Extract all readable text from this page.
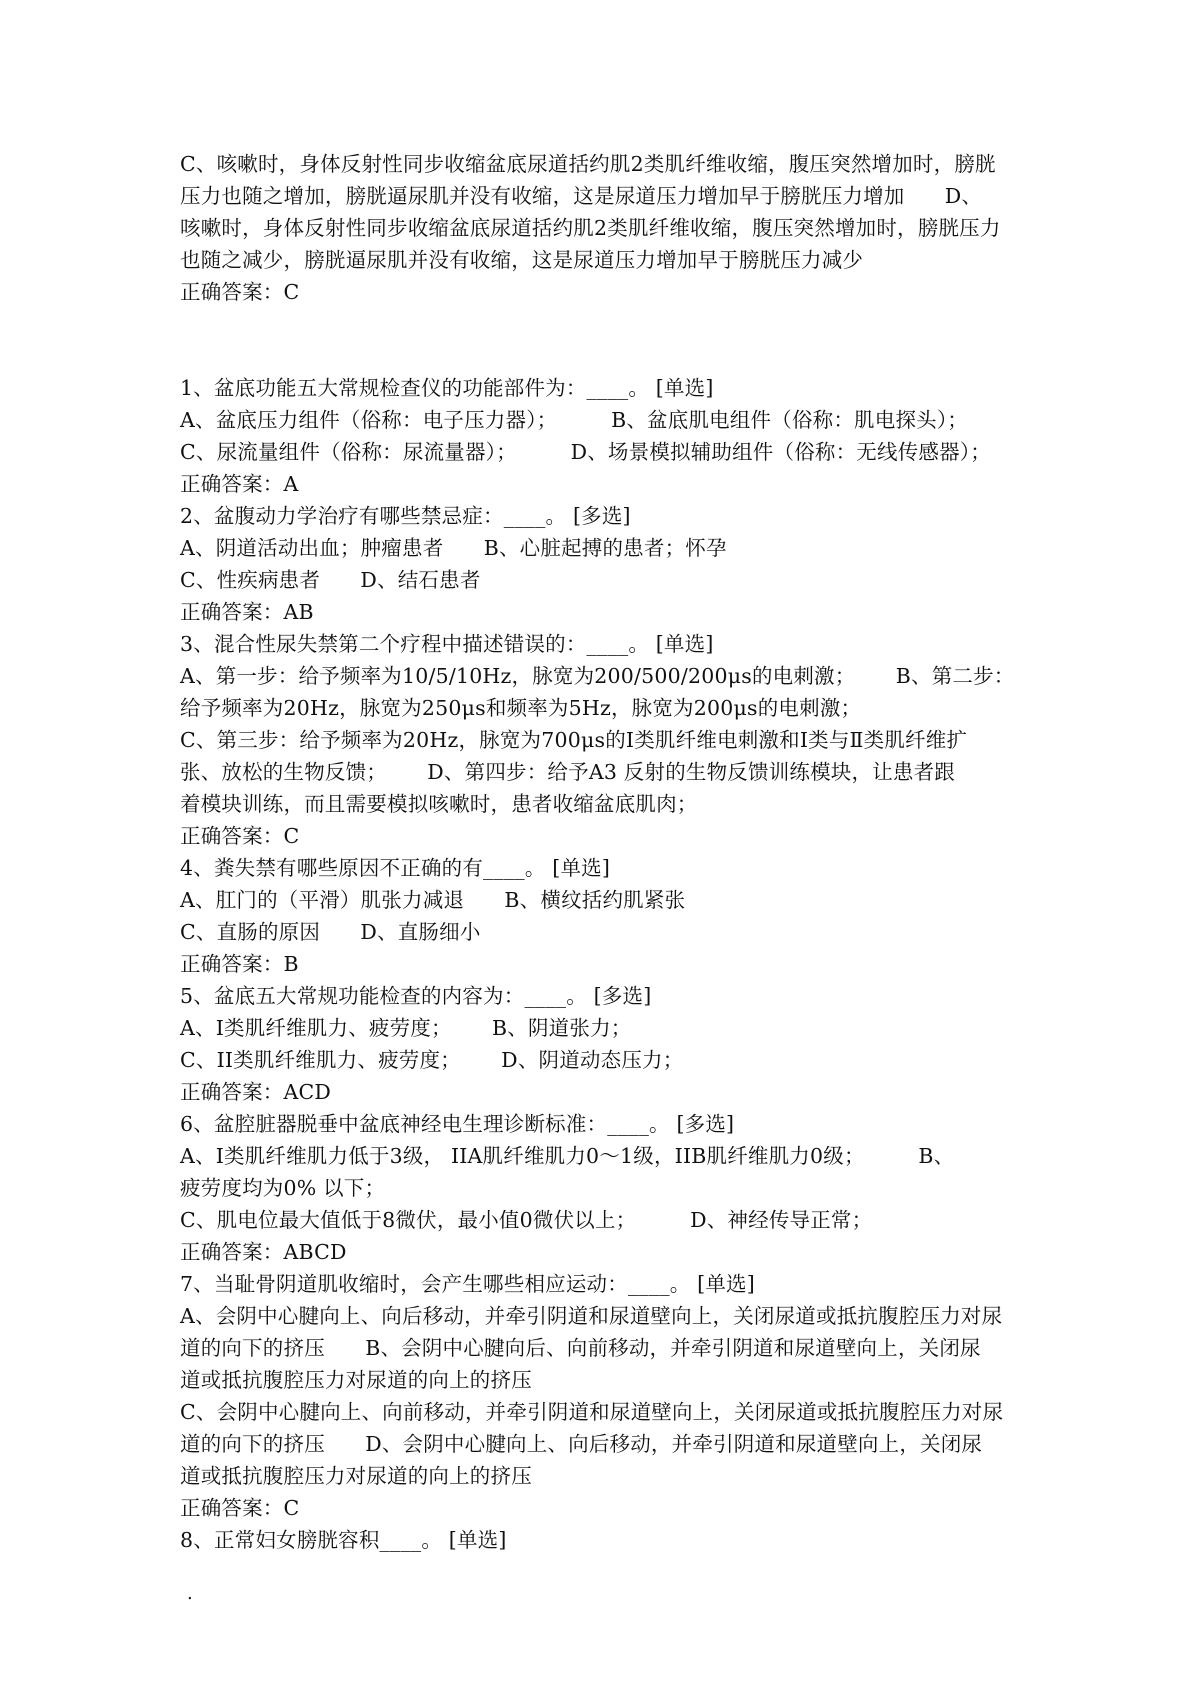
C、咳嗽时，身体反射性同步收缩盆底尿道括约肌2类肌纤维收缩，腹压突然增加时，膀胱
压力也随之增加，膀胱逼尿肌并没有收缩，这是尿道压力增加早于膀胱压力增加      D、
咳嗽时，身体反射性同步收缩盆底尿道括约肌2类肌纤维收缩，腹压突然增加时，膀胱压力
也随之减少，膀胱逼尿肌并没有收缩，这是尿道压力增加早于膀胱压力减少
正确答案：C
1、盆底功能五大常规检查仪的功能部件为：____。 [单选]
A、盆底压力组件（俗称：电子压力器）；        B、盆底肌电组件（俗称：肌电探头）；
C、尿流量组件（俗称：尿流量器）；        D、场景模拟辅助组件（俗称：无线传感器）；
正确答案：A
2、盆腹动力学治疗有哪些禁忌症：____。 [多选]
A、阴道活动出血；肿瘤患者      B、心脏起搏的患者；怀孕
C、性疾病患者      D、结石患者
正确答案：AB
3、混合性尿失禁第二个疗程中描述错误的：____。 [单选]
A、第一步：给予频率为10/5/10Hz，脉宽为200/500/200μs的电刺激；      B、第二步：
给予频率为20Hz，脉宽为250μs和频率为5Hz，脉宽为200μs的电刺激；
C、第三步：给予频率为20Hz，脉宽为700μs的Ⅰ类肌纤维电刺激和Ⅰ类与Ⅱ类肌纤维扩
张、放松的生物反馈；      D、第四步：给予A3 反射的生物反馈训练模块，让患者跟
着模块训练，而且需要模拟咳嗽时，患者收缩盆底肌肉；
正确答案：C
4、粪失禁有哪些原因不正确的有____。 [单选]
A、肛门的（平滑）肌张力减退      B、横纹括约肌紧张
C、直肠的原因      D、直肠细小
正确答案：B
5、盆底五大常规功能检查的内容为：____。 [多选]
A、I类肌纤维肌力、疲劳度；      B、阴道张力；
C、II类肌纤维肌力、疲劳度；      D、阴道动态压力；
正确答案：ACD
6、盆腔脏器脱垂中盆底神经电生理诊断标准：____。 [多选]
A、I类肌纤维肌力低于3级， IIA肌纤维肌力0～1级，IIB肌纤维肌力0级；        B、
疲劳度均为0% 以下；
C、肌电位最大值低于8微伏，最小值0微伏以上；        D、神经传导正常；
正确答案：ABCD
7、当耻骨阴道肌收缩时，会产生哪些相应运动：____。 [单选]
A、会阴中心腱向上、向后移动，并牵引阴道和尿道壁向上，关闭尿道或抵抗腹腔压力对尿
道的向下的挤压      B、会阴中心腱向后、向前移动，并牵引阴道和尿道壁向上，关闭尿
道或抵抗腹腔压力对尿道的向上的挤压
C、会阴中心腱向上、向前移动，并牵引阴道和尿道壁向上，关闭尿道或抵抗腹腔压力对尿
道的向下的挤压      D、会阴中心腱向上、向后移动，并牵引阴道和尿道壁向上，关闭尿
道或抵抗腹腔压力对尿道的向上的挤压
正确答案：C
8、正常妇女膀胱容积____。 [单选]
.
